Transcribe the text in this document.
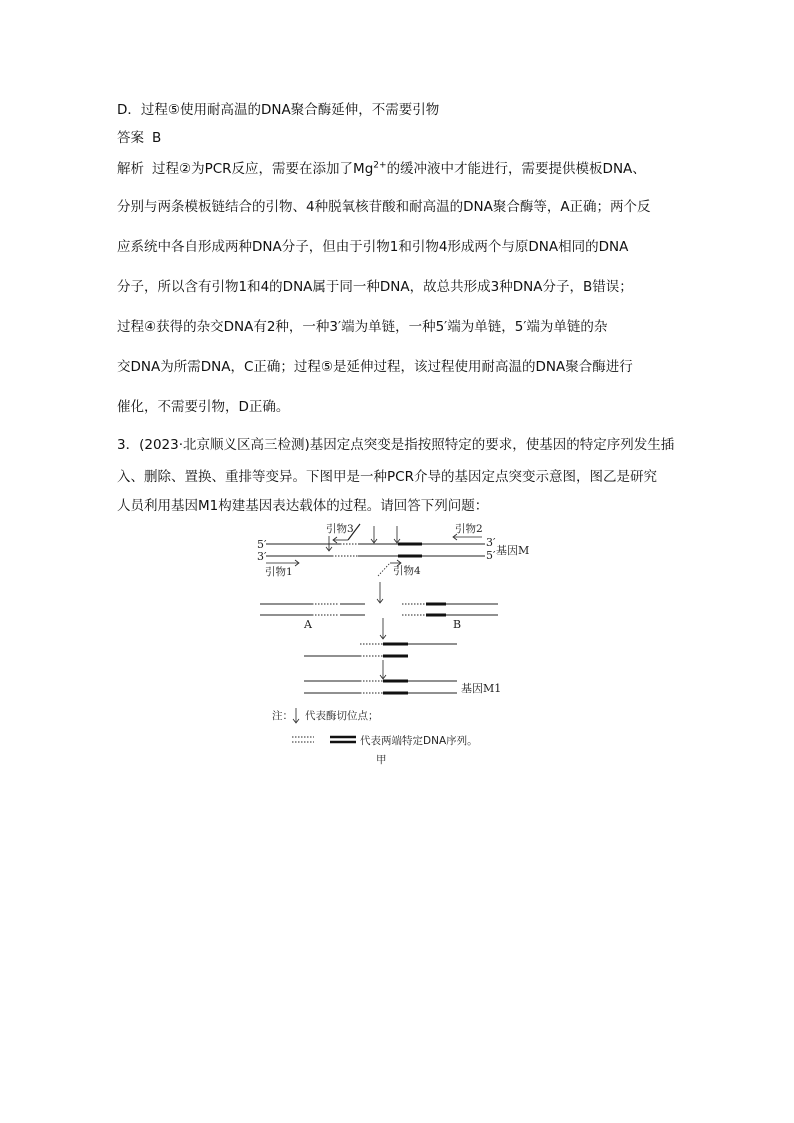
D．过程⑤使用耐高温的DNA聚合酶延伸，不需要引物
答案 B
解析 过程②为PCR反应，需要在添加了$Mg^{2+}$的缓冲液中才能进行，需要提供模板DNA、
分别与两条模板链结合的引物、4种脱氧核苷酸和耐高温的DNA聚合酶等，A正确；两个反
应系统中各自形成两种DNA分子，但由于引物1和引物4形成两个与原DNA相同的DNA
分子，所以含有引物1和4的DNA属于同一种DNA，故总共形成3种DNA分子，B错误；
过程④获得的杂交DNA有2种，一种3′端为单链，一种5′端为单链，5′端为单链的杂
交DNA为所需DNA，C正确；过程⑤是延伸过程，该过程使用耐高温的DNA聚合酶进行
催化，不需要引物，D正确。
3．(2023·北京顺义区高三检测)基因定点突变是指按照特定的要求，使基因的特定序列发生插
入、删除、置换、重排等变异。下图甲是一种PCR介导的基因定点突变示意图，图乙是研究
人员利用基因M1构建基因表达载体的过程。请回答下列问题：
5′
3′
3′
5′ 基因M
引物3	引物2
引物1	引物4
A	B
基因M1
注： 代表酶切位点；
代表两端特定DNA序列。
甲
